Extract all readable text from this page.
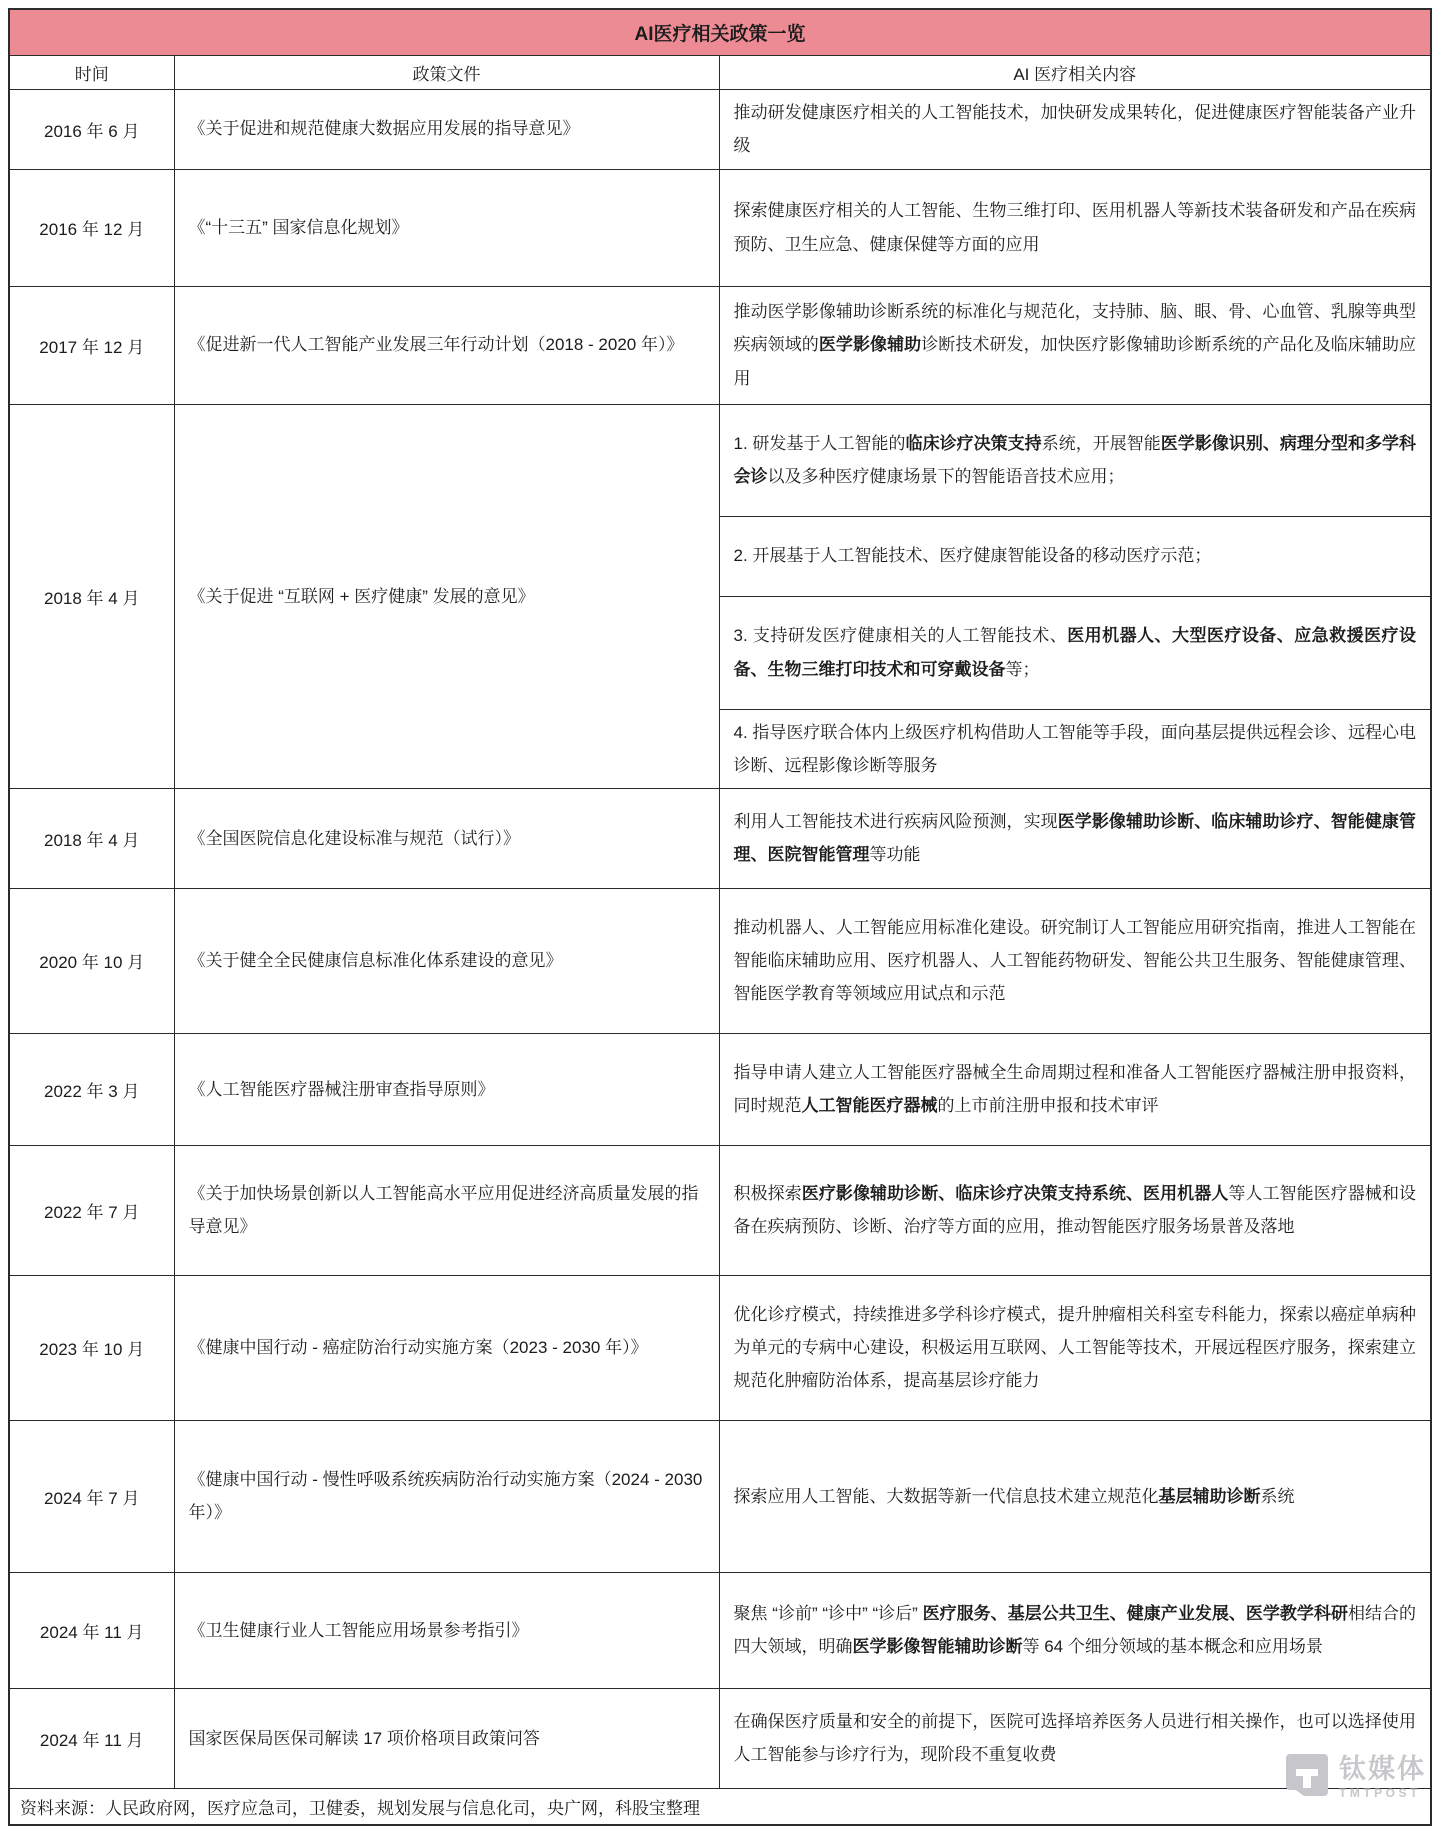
AI医疗相关政策一览		
时间	政策文件	AI 医疗相关内容
2016 年 6 月	《关于促进和规范健康大数据应用发展的指导意见》	推动研发健康医疗相关的人工智能技术，加快研发成果转化，促进健康医疗智能装备产业升级
2016 年 12 月	《“十三五” 国家信息化规划》	探索健康医疗相关的人工智能、生物三维打印、医用机器人等新技术装备研发和产品在疾病预防、卫生应急、健康保健等方面的应用
2017 年 12 月	《促进新一代人工智能产业发展三年行动计划（2018 - 2020 年）》	推动医学影像辅助诊断系统的标准化与规范化，支持肺、脑、眼、骨、心血管、乳腺等典型疾病领域的医学影像辅助诊断技术研发，加快医疗影像辅助诊断系统的产品化及临床辅助应用
2018 年 4 月	《关于促进 “互联网 + 医疗健康” 发展的意见》	1. 研发基于人工智能的临床诊疗决策支持系统，开展智能医学影像识别、病理分型和多学科会诊以及多种医疗健康场景下的智能语音技术应用；
		2. 开展基于人工智能技术、医疗健康智能设备的移动医疗示范；
		3. 支持研发医疗健康相关的人工智能技术、医用机器人、大型医疗设备、应急救援医疗设备、生物三维打印技术和可穿戴设备等；
		4. 指导医疗联合体内上级医疗机构借助人工智能等手段，面向基层提供远程会诊、远程心电诊断、远程影像诊断等服务
2018 年 4 月	《全国医院信息化建设标准与规范（试行）》	利用人工智能技术进行疾病风险预测，实现医学影像辅助诊断、临床辅助诊疗、智能健康管理、医院智能管理等功能
2020 年 10 月	《关于健全全民健康信息标准化体系建设的意见》	推动机器人、人工智能应用标准化建设。研究制订人工智能应用研究指南，推进人工智能在智能临床辅助应用、医疗机器人、人工智能药物研发、智能公共卫生服务、智能健康管理、智能医学教育等领域应用试点和示范
2022 年 3 月	《人工智能医疗器械注册审查指导原则》	指导申请人建立人工智能医疗器械全生命周期过程和准备人工智能医疗器械注册申报资料，同时规范人工智能医疗器械的上市前注册申报和技术审评
2022 年 7 月	《关于加快场景创新以人工智能高水平应用促进经济高质量发展的指导意见》	积极探索医疗影像辅助诊断、临床诊疗决策支持系统、医用机器人等人工智能医疗器械和设备在疾病预防、诊断、治疗等方面的应用，推动智能医疗服务场景普及落地
2023 年 10 月	《健康中国行动 - 癌症防治行动实施方案（2023 - 2030 年）》	优化诊疗模式，持续推进多学科诊疗模式，提升肿瘤相关科室专科能力，探索以癌症单病种为单元的专病中心建设，积极运用互联网、人工智能等技术，开展远程医疗服务，探索建立规范化肿瘤防治体系，提高基层诊疗能力
2024 年 7 月	《健康中国行动 - 慢性呼吸系统疾病防治行动实施方案（2024 - 2030 年）》	探索应用人工智能、大数据等新一代信息技术建立规范化基层辅助诊断系统
2024 年 11 月	《卫生健康行业人工智能应用场景参考指引》	聚焦 “诊前” “诊中” “诊后” 医疗服务、基层公共卫生、健康产业发展、医学教学科研相结合的四大领域，明确医学影像智能辅助诊断等 64 个细分领域的基本概念和应用场景
2024 年 11 月	国家医保局医保司解读 17 项价格项目政策问答	在确保医疗质量和安全的前提下，医院可选择培养医务人员进行相关操作，也可以选择使用人工智能参与诊疗行为，现阶段不重复收费
资料来源：人民政府网，医疗应急司，卫健委，规划发展与信息化司，央广网，科股宝整理		
钛媒体
TMTPOST
